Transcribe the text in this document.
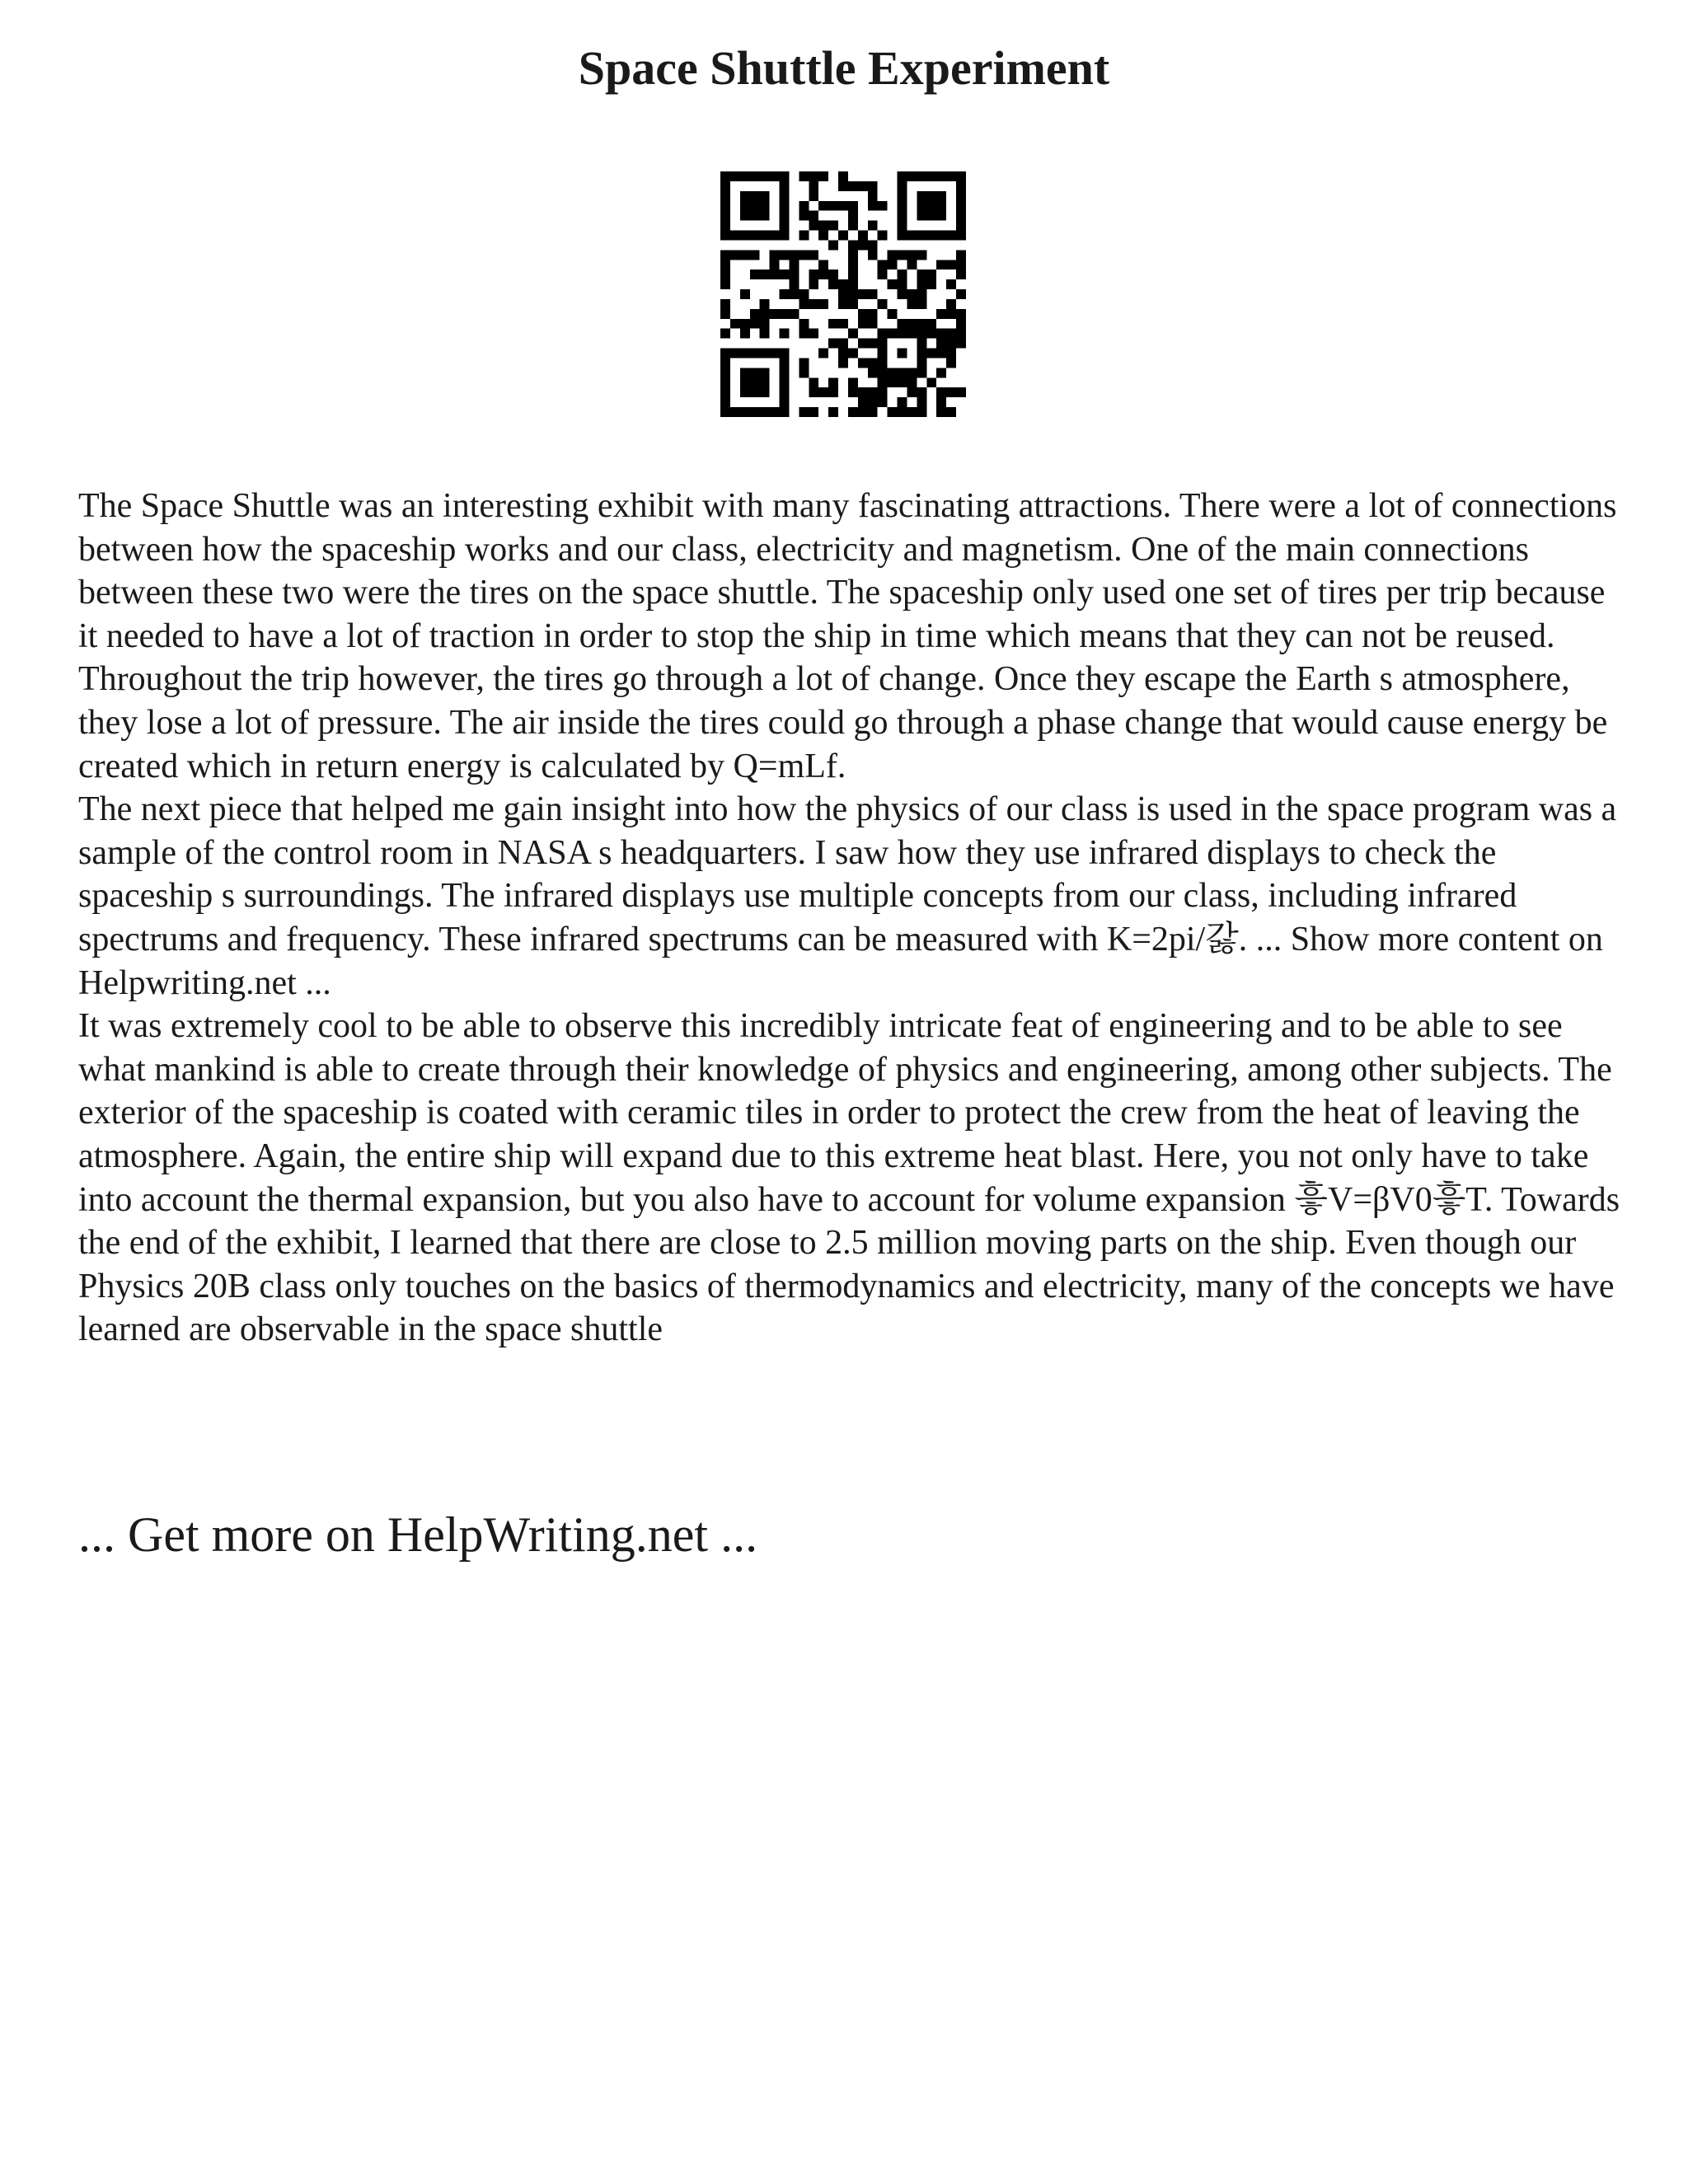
Space Shuttle Experiment

The Space Shuttle was an interesting exhibit with many fascinating attractions. There were a lot of connections between how the spaceship works and our class, electricity and magnetism. One of the main connections between these two were the tires on the space shuttle. The spaceship only used one set of tires per trip because it needed to have a lot of traction in order to stop the ship in time which means that they can not be reused. Throughout the trip however, the tires go through a lot of change. Once they escape the Earth s atmosphere, they lose a lot of pressure. The air inside the tires could go through a phase change that would cause energy be created which in return energy is calculated by Q=mLf.

The next piece that helped me gain insight into how the physics of our class is used in the space program was a sample of the control room in NASA s headquarters. I saw how they use infrared displays to check the spaceship s surroundings. The infrared displays use multiple concepts from our class, including infrared spectrums and frequency. These infrared spectrums can be measured with K=2pi/갏. ... Show more content on Helpwriting.net ...

It was extremely cool to be able to observe this incredibly intricate feat of engineering and to be able to see what mankind is able to create through their knowledge of physics and engineering, among other subjects. The exterior of the spaceship is coated with ceramic tiles in order to protect the crew from the heat of leaving the atmosphere. Again, the entire ship will expand due to this extreme heat blast. Here, you not only have to take into account the thermal expansion, but you also have to account for volume expansion 흫V=βV0흫T. Towards the end of the exhibit, I learned that there are close to 2.5 million moving parts on the ship. Even though our Physics 20B class only touches on the basics of thermodynamics and electricity, many of the concepts we have learned are observable in the space shuttle

... Get more on HelpWriting.net ...
